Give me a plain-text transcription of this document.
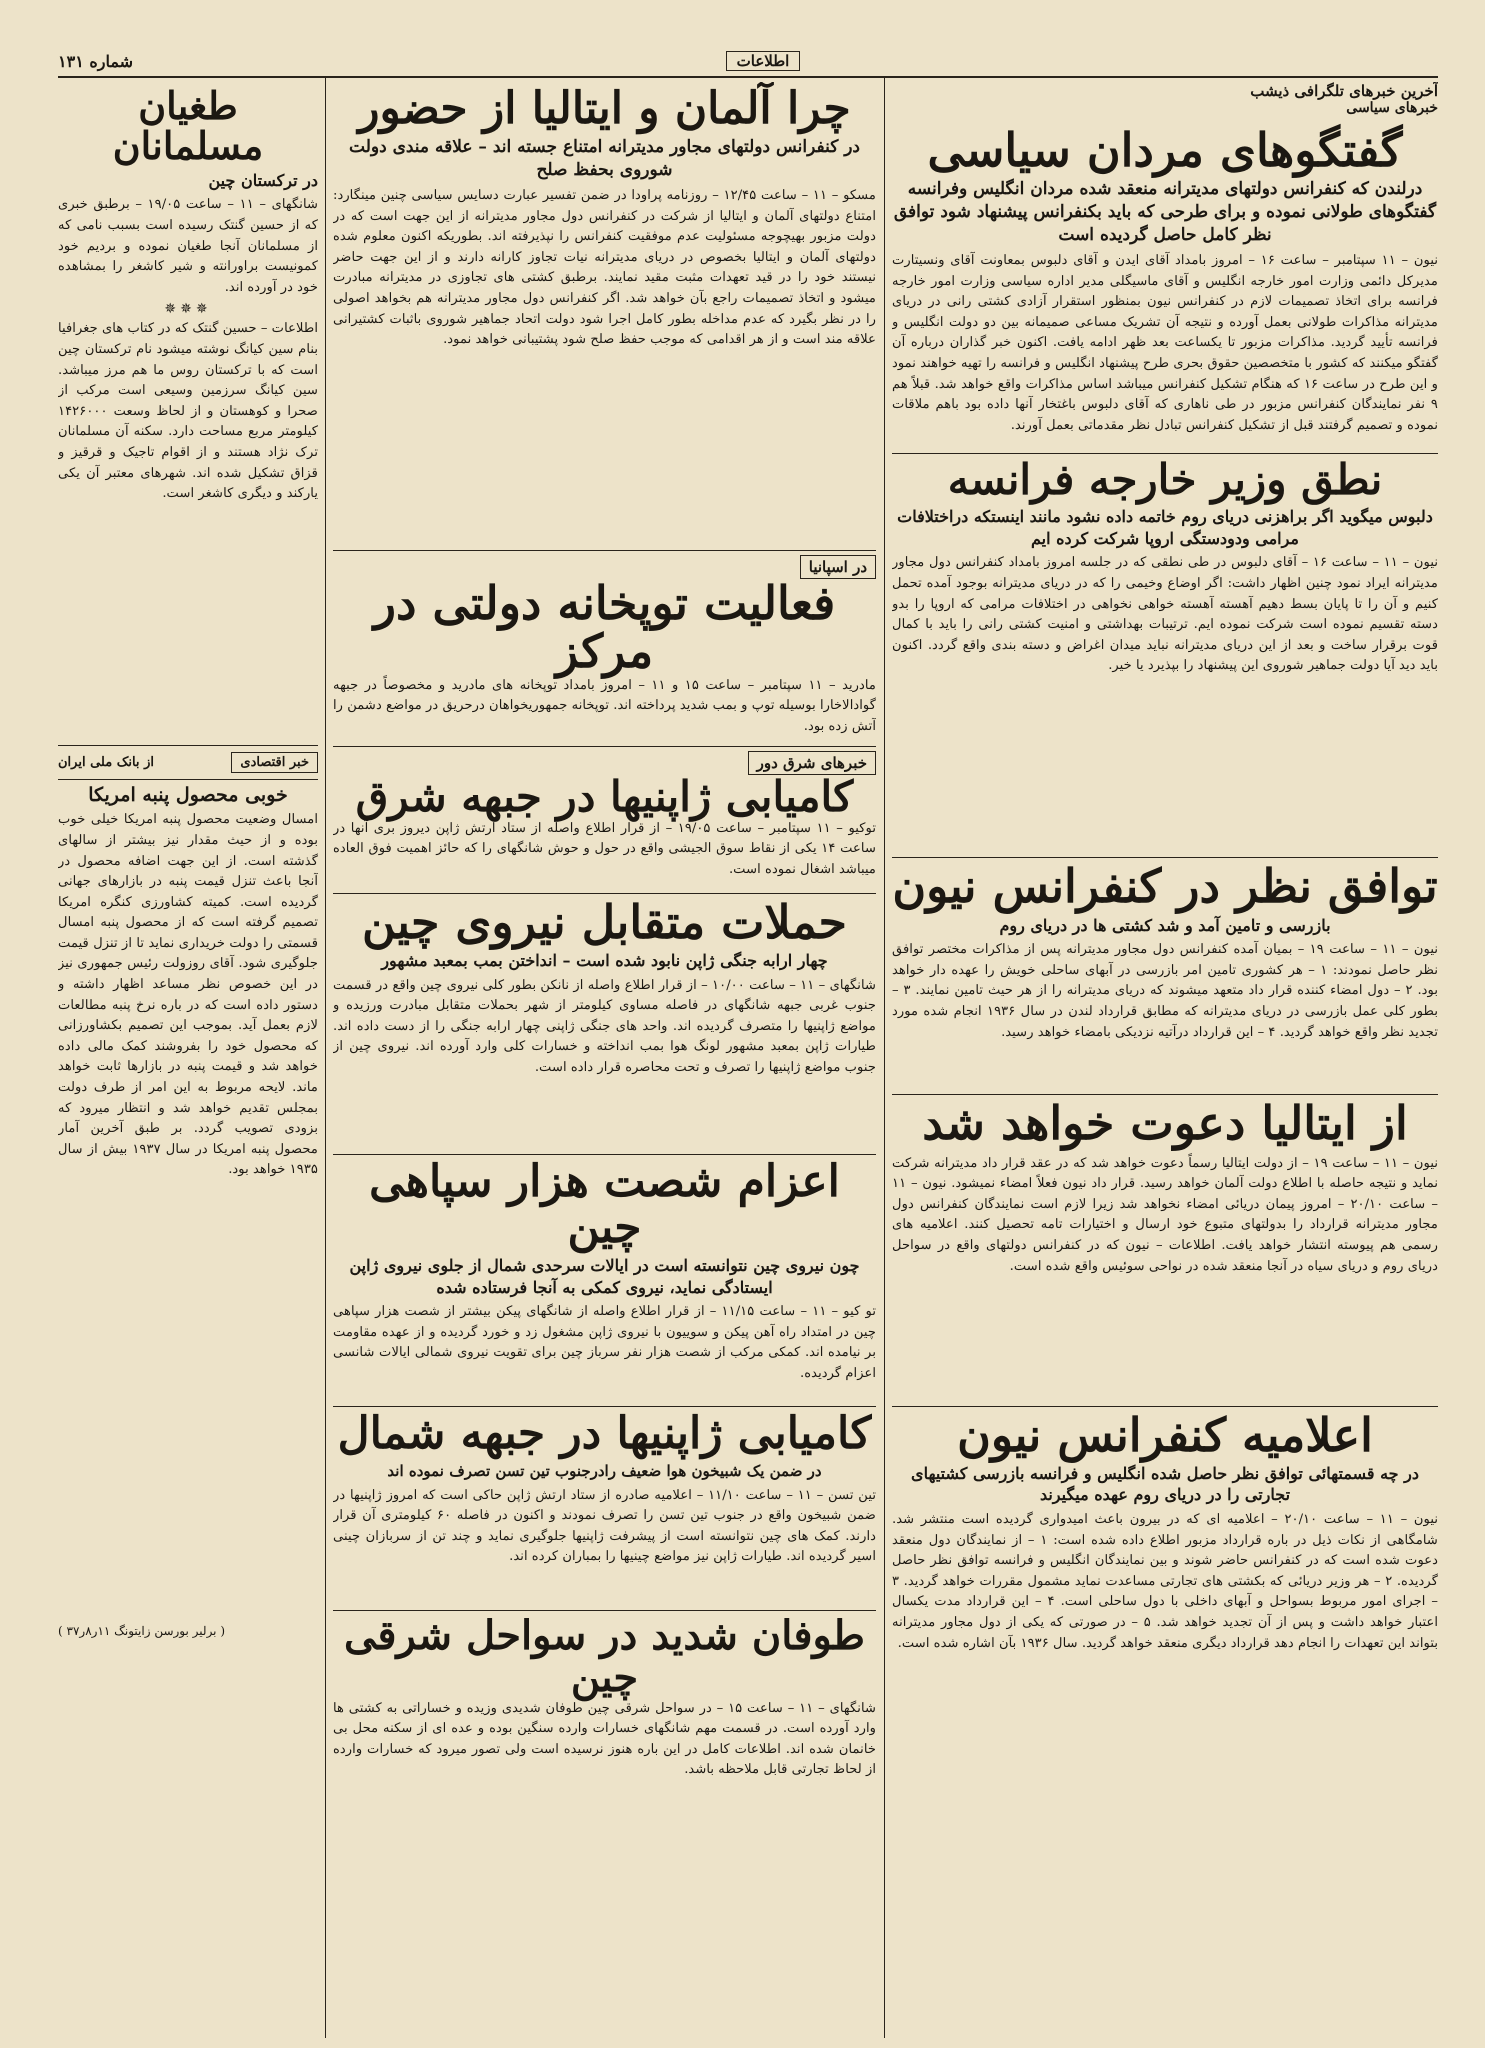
شماره ۱۳۱	اطلاعات
آخرین خبرهای تلگرافی ذیشب
خبرهای سیاسی
گفتگوهای مردان سیاسی

درلندن که کنفرانس دولتهای مدیترانه منعقد شده مردان انگلیس وفرانسه گفتگوهای طولانی نموده و برای طرحی که باید بکنفرانس پیشنهاد شود توافق نظر کامل حاصل گردیده است

نیون – ۱۱ سپتامبر – ساعت ۱۶ – امروز بامداد آقای ایدن و آقای دلبوس بمعاونت آقای ونسیتارت مدیرکل دائمی وزارت امور خارجه انگلیس و آقای ماسیگلی مدیر اداره سیاسی وزارت امور خارجه فرانسه برای اتخاذ تصمیمات لازم در کنفرانس نیون بمنظور استقرار آزادی کشتی رانی در دریای مدیترانه مذاکرات طولانی بعمل آورده و نتیجه آن تشریک مساعی صمیمانه بین دو دولت انگلیس و فرانسه تأیید گردید. مذاکرات مزبور تا یکساعت بعد ظهر ادامه یافت. اکنون خبر گذاران درباره آن گفتگو میکنند که کشور با متخصصین حقوق بحری طرح پیشنهاد انگلیس و فرانسه را تهیه خواهند نمود و این طرح در ساعت ۱۶ که هنگام تشکیل کنفرانس میباشد اساس مذاکرات واقع خواهد شد. قبلاً هم ۹ نفر نمایندگان کنفرانس مزبور در طی ناهاری که آقای دلبوس باغتخار آنها داده بود باهم ملاقات نموده و تصمیم گرفتند قبل از تشکیل کنفرانس تبادل نظر مقدماتی بعمل آورند.

نطق وزیر خارجه فرانسه

دلبوس میگوید اگر براهزنی دریای روم خاتمه داده نشود مانند اینستکه دراختلافات مرامی ودودستگی اروپا شرکت کرده ایم

نیون – ۱۱ – ساعت ۱۶ – آقای دلبوس در طی نطقی که در جلسه امروز بامداد کنفرانس دول مجاور مدیترانه ایراد نمود چنین اظهار داشت: اگر اوضاع وخیمی را که در دریای مدیترانه بوجود آمده تحمل کنیم و آن را تا پایان بسط دهیم آهسته آهسته خواهی نخواهی در اختلافات مرامی که اروپا را بدو دسته تقسیم نموده است شرکت نموده ایم. ترتیبات بهداشتی و امنیت کشتی رانی را باید با کمال قوت برقرار ساخت و بعد از این دریای مدیترانه نباید میدان اغراض و دسته بندی واقع گردد. اکنون باید دید آیا دولت جماهیر شوروی این پیشنهاد را بپذیرد یا خیر.

توافق نظر در کنفرانس نیون

بازرسی و تامین آمد و شد کشتی ها در دریای روم

نیون – ۱۱ – ساعت ۱۹ – بمیان آمده کنفرانس دول مجاور مدیترانه پس از مذاکرات مختصر توافق نظر حاصل نمودند: ۱ – هر کشوری تامین امر بازرسی در آبهای ساحلی خویش را عهده دار خواهد بود. ۲ – دول امضاء کننده قرار داد متعهد میشوند که دریای مدیترانه را از هر حیث تامین نمایند. ۳ – بطور کلی عمل بازرسی در دریای مدیترانه که مطابق قرارداد لندن در سال ۱۹۳۶ انجام شده مورد تجدید نظر واقع خواهد گردید. ۴ – این قرارداد درآتیه نزدیکی بامضاء خواهد رسید.

از ایتالیا دعوت خواهد شد

نیون – ۱۱ – ساعت ۱۹ – از دولت ایتالیا رسماً دعوت خواهد شد که در عقد قرار داد مدیترانه شرکت نماید و نتیجه حاصله با اطلاع دولت آلمان خواهد رسید. قرار داد نیون فعلاً امضاء نمیشود. نیون – ۱۱ – ساعت ۲۰/۱۰ – امروز پیمان دریائی امضاء نخواهد شد زیرا لازم است نمایندگان کنفرانس دول مجاور مدیترانه قرارداد را بدولتهای متبوع خود ارسال و اختیارات تامه تحصیل کنند. اعلامیه های رسمی هم پیوسته انتشار خواهد یافت. اطلاعات – نیون که در کنفرانس دولتهای واقع در سواحل دریای روم و دریای سیاه در آنجا منعقد شده در نواحی سوئیس واقع شده است.

اعلامیه کنفرانس نیون

در چه قسمتهائی توافق نظر حاصل شده انگلیس و فرانسه بازرسی کشتیهای تجارتی را در دریای روم عهده میگیرند

نیون – ۱۱ – ساعت ۲۰/۱۰ – اعلامیه ای که در بیرون باعث امیدواری گردیده است منتشر شد. شامگاهی از نکات ذیل در باره قرارداد مزبور اطلاع داده شده است: ۱ – از نمایندگان دول منعقد دعوت شده است که در کنفرانس حاضر شوند و بین نمایندگان انگلیس و فرانسه توافق نظر حاصل گردیده. ۲ – هر وزیر دریائی که بکشتی های تجارتی مساعدت نماید مشمول مقررات خواهد گردید. ۳ – اجرای امور مربوط بسواحل و آبهای داخلی با دول ساحلی است. ۴ – این قرارداد مدت یکسال اعتبار خواهد داشت و پس از آن تجدید خواهد شد. ۵ – در صورتی که یکی از دول مجاور مدیترانه بتواند این تعهدات را انجام دهد قرارداد دیگری منعقد خواهد گردید. سال ۱۹۳۶ بآن اشاره شده است.

چرا آلمان و ایتالیا از حضور

در کنفرانس دولتهای مجاور مدیترانه امتناع جسته اند – علاقه مندی دولت شوروی بحفظ صلح

مسکو – ۱۱ – ساعت ۱۲/۴۵ – روزنامه پراودا در ضمن تفسیر عبارت دسایس سیاسی چنین مینگارد: امتناع دولتهای آلمان و ایتالیا از شرکت در کنفرانس دول مجاور مدیترانه از این جهت است که در دولت مزبور بهیچوجه مسئولیت عدم موفقیت کنفرانس را نپذیرفته اند. بطوریکه اکنون معلوم شده دولتهای آلمان و ایتالیا بخصوص در دریای مدیترانه نیات تجاوز کارانه دارند و از این جهت حاضر نیستند خود را در قید تعهدات مثبت مقید نمایند. برطبق کشتی های تجاوزی در مدیترانه مبادرت میشود و اتخاذ تصمیمات راجع بآن خواهد شد. اگر کنفرانس دول مجاور مدیترانه هم بخواهد اصولی را در نظر بگیرد که عدم مداخله بطور کامل اجرا شود دولت اتحاد جماهیر شوروی باثبات کشتیرانی علاقه مند است و از هر اقدامی که موجب حفظ صلح شود پشتیبانی خواهد نمود.

در اسپانیا
فعالیت توپخانه دولتی در مرکز

مادرید – ۱۱ سپتامبر – ساعت ۱۵ و ۱۱ – امروز بامداد توپخانه های مادرید و مخصوصاً در جبهه گوادالاخارا بوسیله توپ و بمب شدید پرداخته اند. توپخانه جمهوریخواهان درحریق در مواضع دشمن را آتش زده بود.

خبرهای شرق دور
کامیابی ژاپنیها در جبهه شرق

توکیو – ۱۱ سپتامبر – ساعت ۱۹/۰۵ – از قرار اطلاع واصله از ستاد ارتش ژاپن دیروز بری آنها در ساعت ۱۴ یکی از نقاط سوق الجیشی واقع در حول و حوش شانگهای را که حائز اهمیت فوق العاده میباشد اشغال نموده است.

حملات متقابل نیروی چین

چهار ارابه جنگی ژاپن نابود شده است – انداختن بمب بمعبد مشهور

شانگهای – ۱۱ – ساعت ۱۰/۰۰ – از قرار اطلاع واصله از نانکن بطور کلی نیروی چین واقع در قسمت جنوب غربی جبهه شانگهای در فاصله مساوی کیلومتر از شهر بحملات متقابل مبادرت ورزیده و مواضع ژاپنیها را متصرف گردیده اند. واحد های جنگی ژاپنی چهار ارابه جنگی را از دست داده اند. طیارات ژاپن بمعبد مشهور لونگ هوا بمب انداخته و خسارات کلی وارد آورده اند. نیروی چین از جنوب مواضع ژاپنیها را تصرف و تحت محاصره قرار داده است.

اعزام شصت هزار سپاهی چین

چون نیروی چین نتوانسته است در ایالات سرحدی شمال از جلوی نیروی ژاپن ایستادگی نماید، نیروی کمکی به آنجا فرستاده شده

تو کیو – ۱۱ – ساعت ۱۱/۱۵ – از قرار اطلاع واصله از شانگهای پیکن بیشتر از شصت هزار سپاهی چین در امتداد راه آهن پیکن و سوییون با نیروی ژاپن مشغول زد و خورد گردیده و از عهده مقاومت بر نیامده اند. کمکی مرکب از شصت هزار نفر سرباز چین برای تقویت نیروی شمالی ایالات شانسی اعزام گردیده.

کامیابی ژاپنیها در جبهه شمال

در ضمن یک شبیخون هوا ضعیف رادرجنوب تین تسن تصرف نموده اند

تین تسن – ۱۱ – ساعت ۱۱/۱۰ – اعلامیه صادره از ستاد ارتش ژاپن حاکی است که امروز ژاپنیها در ضمن شبیخون واقع در جنوب تین تسن را تصرف نمودند و اکنون در فاصله ۶۰ کیلومتری آن قرار دارند. کمک های چین نتوانسته است از پیشرفت ژاپنیها جلوگیری نماید و چند تن از سربازان چینی اسیر گردیده اند. طیارات ژاپن نیز مواضع چینیها را بمباران کرده اند.

طوفان شدید در سواحل شرقی چین

شانگهای – ۱۱ – ساعت ۱۵ – در سواحل شرقی چین طوفان شدیدی وزیده و خساراتی به کشتی ها وارد آورده است. در قسمت مهم شانگهای خسارات وارده سنگین بوده و عده ای از سکنه محل بی خانمان شده اند. اطلاعات کامل در این باره هنوز نرسیده است ولی تصور میرود که خسارات وارده از لحاظ تجارتی قابل ملاحظه باشد.

طغیان مسلمانان

در ترکستان چین

شانگهای – ۱۱ – ساعت ۱۹/۰۵ – برطبق خبری که از حسین گنتک رسیده است بسبب نامی که از مسلمانان آنجا طغیان نموده و بردیم خود کمونیست براورانته و شیر کاشغر را بمشاهده خود در آورده اند.

✵✵✵

اطلاعات – حسین گنتک که در کتاب های جغرافیا بنام سین کیانگ نوشته میشود نام ترکستان چین است که با ترکستان روس ما هم مرز میباشد. سین کیانگ سرزمین وسیعی است مرکب از صحرا و کوهستان و از لحاظ وسعت ۱۴۲۶۰۰۰ کیلومتر مربع مساحت دارد. سکنه آن مسلمانان ترک نژاد هستند و از اقوام تاجیک و قرقیز و قزاق تشکیل شده اند. شهرهای معتبر آن یکی یارکند و دیگری کاشغر است.

خبر اقتصادی
از بانک ملی ایران
خوبی محصول پنبه امریکا

امسال وضعیت محصول پنبه امریکا خیلی خوب بوده و از حیث مقدار نیز بیشتر از سالهای گذشته است. از این جهت اضافه محصول در آنجا باعث تنزل قیمت پنبه در بازارهای جهانی گردیده است. کمیته کشاورزی کنگره امریکا تصمیم گرفته است که از محصول پنبه امسال قسمتی را دولت خریداری نماید تا از تنزل قیمت جلوگیری شود. آقای روزولت رئیس جمهوری نیز در این خصوص نظر مساعد اظهار داشته و دستور داده است که در باره نرخ پنبه مطالعات لازم بعمل آید. بموجب این تصمیم بکشاورزانی که محصول خود را بفروشند کمک مالی داده خواهد شد و قیمت پنبه در بازارها ثابت خواهد ماند. لایحه مربوط به این امر از طرف دولت بمجلس تقدیم خواهد شد و انتظار میرود که بزودی تصویب گردد. بر طبق آخرین آمار محصول پنبه امریکا در سال ۱۹۳۷ بیش از سال ۱۹۳۵ خواهد بود.

( برلیر بورسن زایتونگ ۱۱ر۸ر۳۷ )
